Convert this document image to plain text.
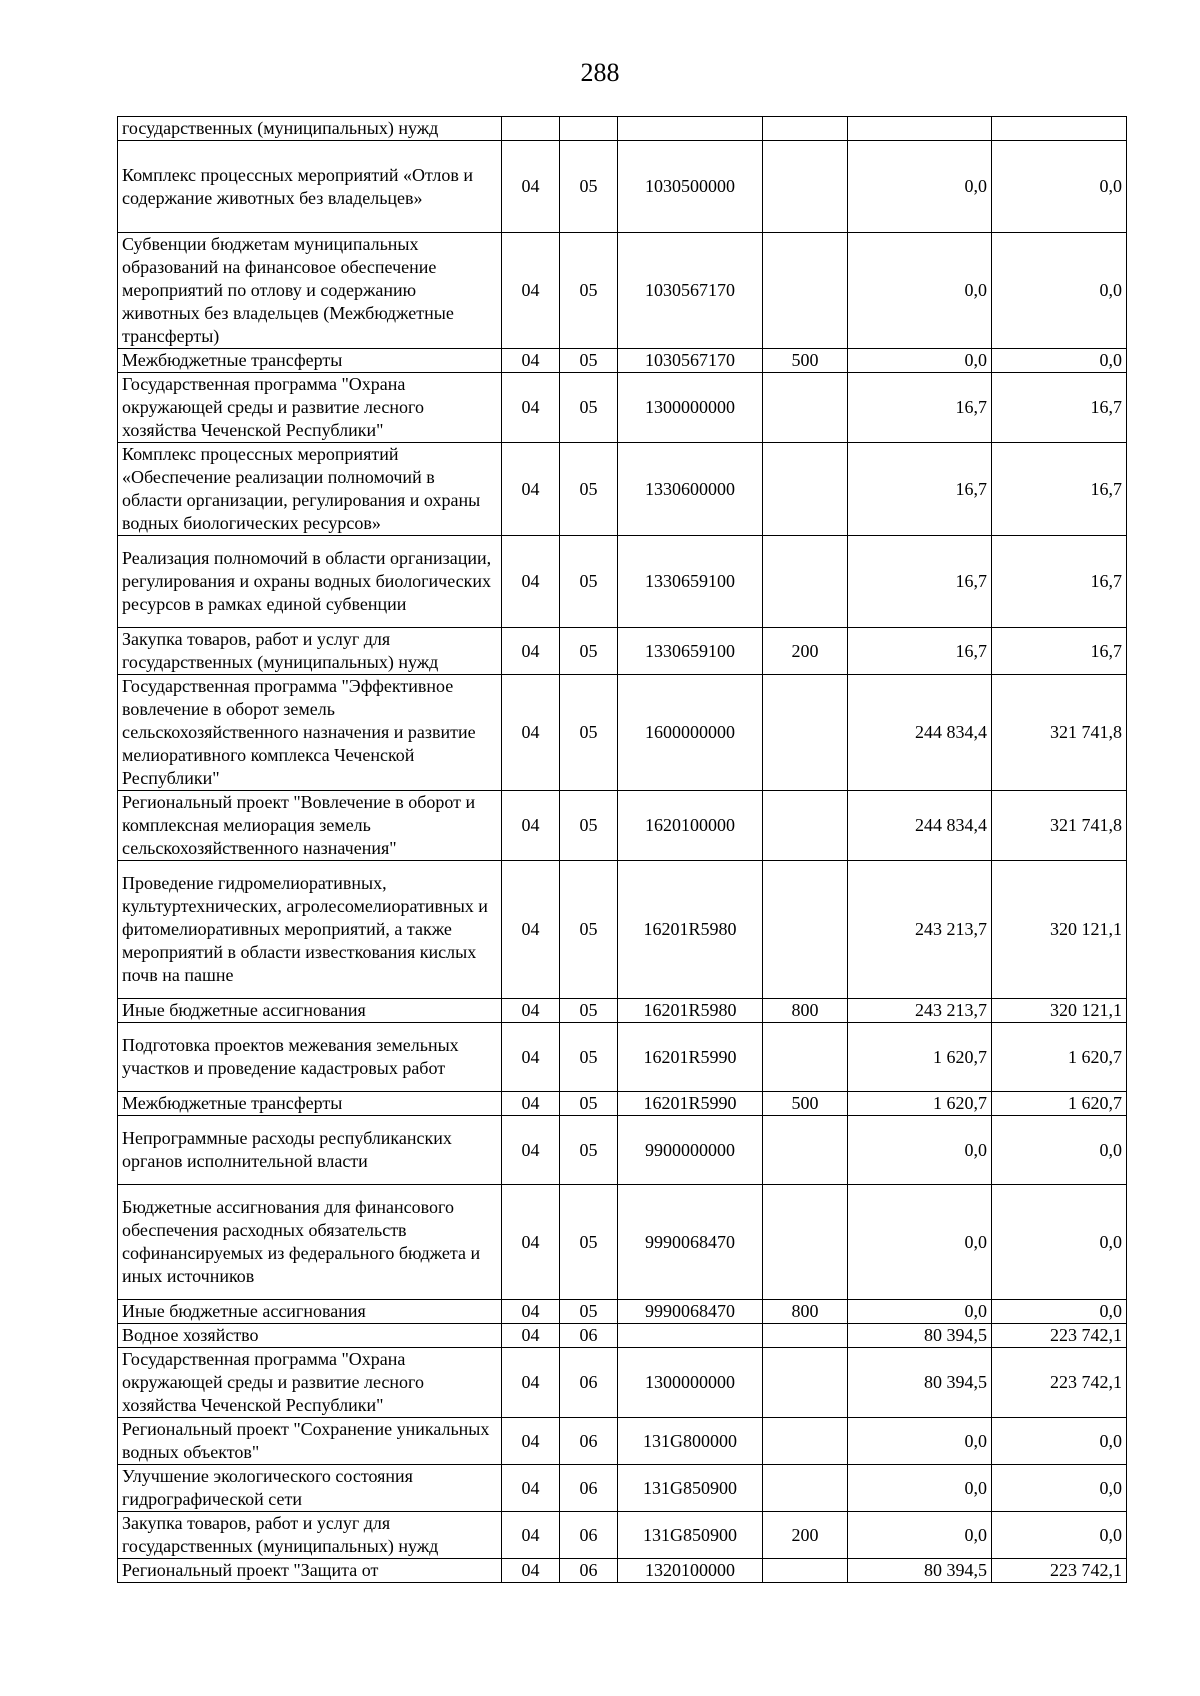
288
государственных (муниципальных) нужд						
Комплекс процессных мероприятий «Отлов и содержание животных без владельцев»	04	05	1030500000		0,0	0,0
Субвенции бюджетам муниципальных образований на финансовое обеспечение мероприятий по отлову и содержанию животных без владельцев (Межбюджетные трансферты)	04	05	1030567170		0,0	0,0
Межбюджетные трансферты	04	05	1030567170	500	0,0	0,0
Государственная программа "Охрана окружающей среды и развитие лесного хозяйства Чеченской Республики"	04	05	1300000000		16,7	16,7
Комплекс процессных мероприятий «Обеспечение реализации полномочий в области организации, регулирования и охраны водных биологических ресурсов»	04	05	1330600000		16,7	16,7
Реализация полномочий в области организации, регулирования и охраны водных биологических ресурсов в рамках единой субвенции	04	05	1330659100		16,7	16,7
Закупка товаров, работ и услуг для государственных (муниципальных) нужд	04	05	1330659100	200	16,7	16,7
Государственная программа "Эффективное вовлечение в оборот земель сельскохозяйственного назначения и развитие мелиоративного комплекса Чеченской Республики"	04	05	1600000000		244 834,4	321 741,8
Региональный проект "Вовлечение в оборот и комплексная мелиорация земель сельскохозяйственного назначения"	04	05	1620100000		244 834,4	321 741,8
Проведение гидромелиоративных, культуртехнических, агролесомелиоративных и фитомелиоративных мероприятий, а также мероприятий в области известкования кислых почв на пашне	04	05	16201R5980		243 213,7	320 121,1
Иные бюджетные ассигнования	04	05	16201R5980	800	243 213,7	320 121,1
Подготовка проектов межевания земельных участков и проведение кадастровых работ	04	05	16201R5990		1 620,7	1 620,7
Межбюджетные трансферты	04	05	16201R5990	500	1 620,7	1 620,7
Непрограммные расходы республиканских органов исполнительной власти	04	05	9900000000		0,0	0,0
Бюджетные ассигнования для финансового обеспечения расходных обязательств софинансируемых из федерального бюджета и иных источников	04	05	9990068470		0,0	0,0
Иные бюджетные ассигнования	04	05	9990068470	800	0,0	0,0
Водное хозяйство	04	06			80 394,5	223 742,1
Государственная программа "Охрана окружающей среды и развитие лесного хозяйства Чеченской Республики"	04	06	1300000000		80 394,5	223 742,1
Региональный проект "Сохранение уникальных водных объектов"	04	06	131G800000		0,0	0,0
Улучшение экологического состояния гидрографической сети	04	06	131G850900		0,0	0,0
Закупка товаров, работ и услуг для государственных (муниципальных) нужд	04	06	131G850900	200	0,0	0,0
Региональный проект "Защита от	04	06	1320100000		80 394,5	223 742,1
